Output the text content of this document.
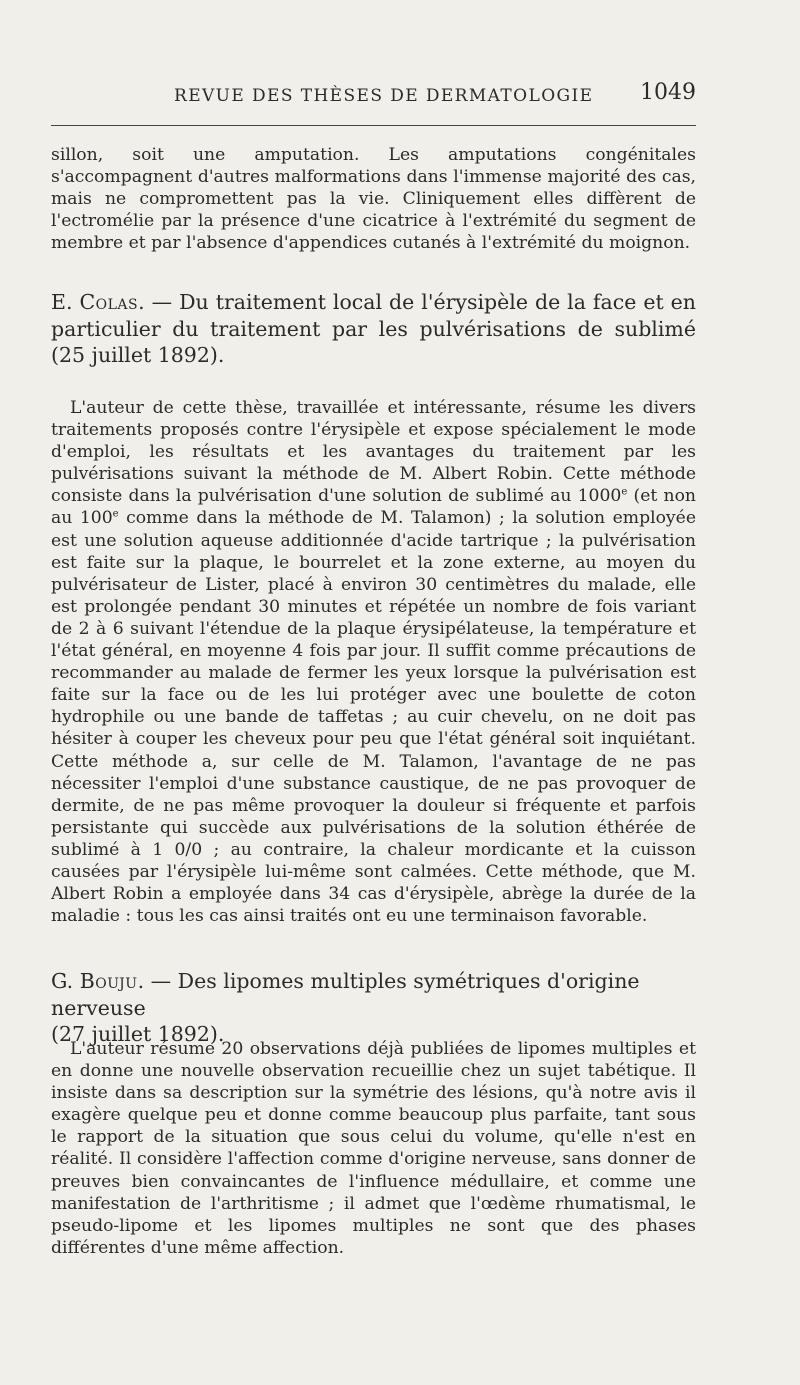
REVUE DES THÈSES DE DERMATOLOGIE 1049

sillon, soit une amputation. Les amputations congénitales s'accompagnent d'autres malformations dans l'immense majorité des cas, mais ne compromettent pas la vie. Cliniquement elles diffèrent de l'ectromélie par la présence d'une cicatrice à l'extrémité du segment de membre et par l'absence d'appendices cutanés à l'extrémité du moignon.

E. Colas. — Du traitement local de l'érysipèle de la face et en particulier du traitement par les pulvérisations de sublimé (25 juillet 1892).

L'auteur de cette thèse, travaillée et intéressante, résume les divers traitements proposés contre l'érysipèle et expose spécialement le mode d'emploi, les résultats et les avantages du traitement par les pulvérisations suivant la méthode de M. Albert Robin. Cette méthode consiste dans la pulvérisation d'une solution de sublimé au 1000e (et non au 100e comme dans la méthode de M. Talamon) ; la solution employée est une solution aqueuse additionnée d'acide tartrique ; la pulvérisation est faite sur la plaque, le bourrelet et la zone externe, au moyen du pulvérisateur de Lister, placé à environ 30 centimètres du malade, elle est prolongée pendant 30 minutes et répétée un nombre de fois variant de 2 à 6 suivant l'étendue de la plaque érysipélateuse, la température et l'état général, en moyenne 4 fois par jour. Il suffit comme précautions de recommander au malade de fermer les yeux lorsque la pulvérisation est faite sur la face ou de les lui protéger avec une boulette de coton hydrophile ou une bande de taffetas ; au cuir chevelu, on ne doit pas hésiter à couper les cheveux pour peu que l'état général soit inquiétant. Cette méthode a, sur celle de M. Talamon, l'avantage de ne pas nécessiter l'emploi d'une substance caustique, de ne pas provoquer de dermite, de ne pas même provoquer la douleur si fréquente et parfois persistante qui succède aux pulvérisations de la solution éthérée de sublimé à 1 0/0 ; au contraire, la chaleur mordicante et la cuisson causées par l'érysipèle lui-même sont calmées. Cette méthode, que M. Albert Robin a employée dans 34 cas d'érysipèle, abrège la durée de la maladie : tous les cas ainsi traités ont eu une terminaison favorable.

G. Bouju. — Des lipomes multiples symétriques d'origine nerveuse
(27 juillet 1892).

L'auteur résume 20 observations déjà publiées de lipomes multiples et en donne une nouvelle observation recueillie chez un sujet tabétique. Il insiste dans sa description sur la symétrie des lésions, qu'à notre avis il exagère quelque peu et donne comme beaucoup plus parfaite, tant sous le rapport de la situation que sous celui du volume, qu'elle n'est en réalité. Il considère l'affection comme d'origine nerveuse, sans donner de preuves bien convaincantes de l'influence médullaire, et comme une manifestation de l'arthritisme ; il admet que l'œdème rhumatismal, le pseudo-lipome et les lipomes multiples ne sont que des phases différentes d'une même affection.
